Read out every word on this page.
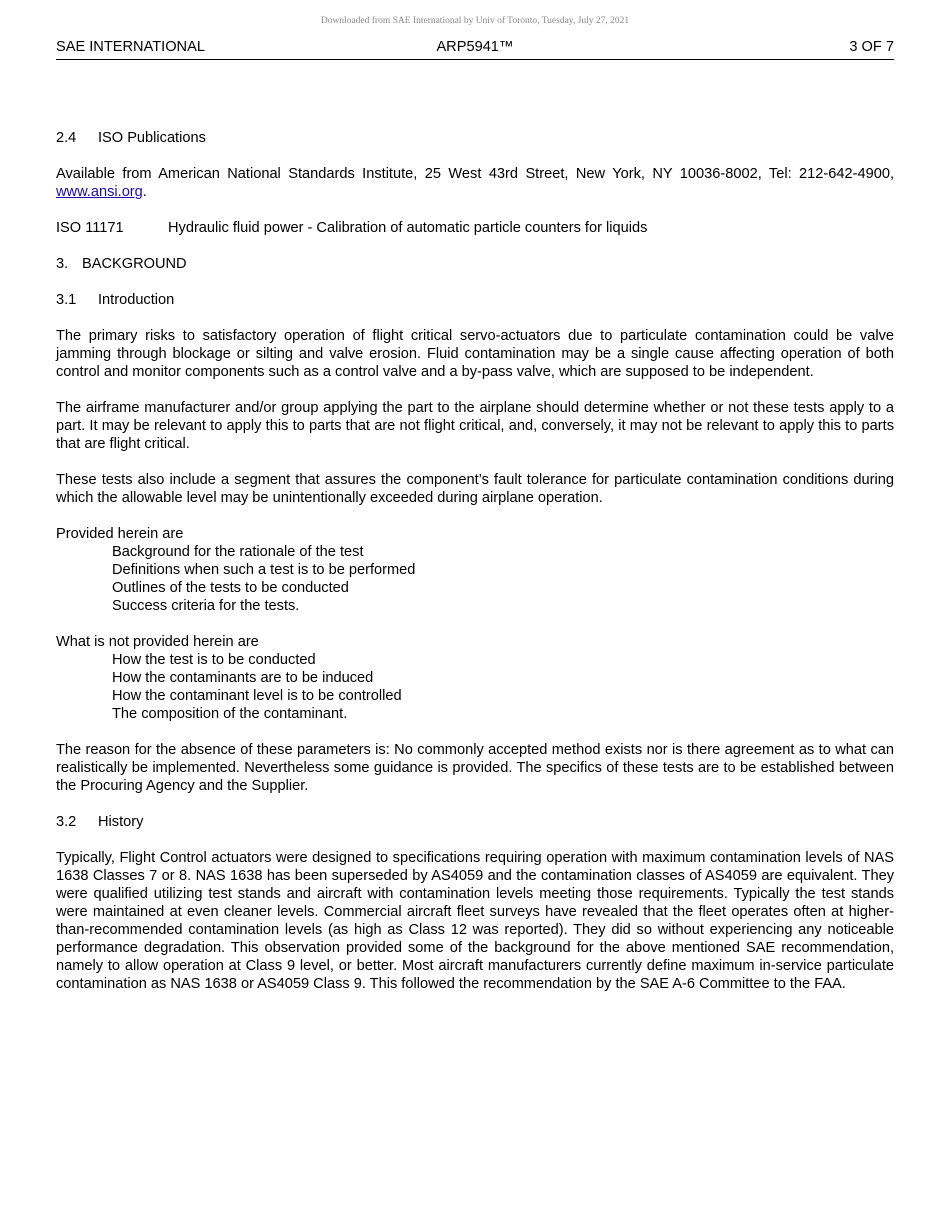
Downloaded from SAE International by Univ of Toronto, Tuesday, July 27, 2021
SAE INTERNATIONAL	ARP5941™	3 OF 7
2.4 ISO Publications

Available from American National Standards Institute, 25 West 43rd Street, New York, NY 10036-8002, Tel: 212-642-4900, www.ansi.org.

ISO 11171	Hydraulic fluid power - Calibration of automatic particle counters for liquids
3. BACKGROUND
3.1 Introduction

The primary risks to satisfactory operation of flight critical servo-actuators due to particulate contamination could be valve jamming through blockage or silting and valve erosion. Fluid contamination may be a single cause affecting operation of both control and monitor components such as a control valve and a by-pass valve, which are supposed to be independent.

The airframe manufacturer and/or group applying the part to the airplane should determine whether or not these tests apply to a part. It may be relevant to apply this to parts that are not flight critical, and, conversely, it may not be relevant to apply this to parts that are flight critical.

These tests also include a segment that assures the component’s fault tolerance for particulate contamination conditions during which the allowable level may be unintentionally exceeded during airplane operation.

Provided herein are
Background for the rationale of the test
Definitions when such a test is to be performed
Outlines of the tests to be conducted
Success criteria for the tests.
What is not provided herein are
How the test is to be conducted
How the contaminants are to be induced
How the contaminant level is to be controlled
The composition of the contaminant.

The reason for the absence of these parameters is: No commonly accepted method exists nor is there agreement as to what can realistically be implemented. Nevertheless some guidance is provided. The specifics of these tests are to be established between the Procuring Agency and the Supplier.

3.2 History

Typically, Flight Control actuators were designed to specifications requiring operation with maximum contamination levels of NAS 1638 Classes 7 or 8. NAS 1638 has been superseded by AS4059 and the contamination classes of AS4059 are equivalent. They were qualified utilizing test stands and aircraft with contamination levels meeting those requirements. Typically the test stands were maintained at even cleaner levels. Commercial aircraft fleet surveys have revealed that the fleet operates often at higher-than-recommended contamination levels (as high as Class 12 was reported). They did so without experiencing any noticeable performance degradation. This observation provided some of the background for the above mentioned SAE recommendation, namely to allow operation at Class 9 level, or better. Most aircraft manufacturers currently define maximum in-service particulate contamination as NAS 1638 or AS4059 Class 9. This followed the recommendation by the SAE A-6 Committee to the FAA.
